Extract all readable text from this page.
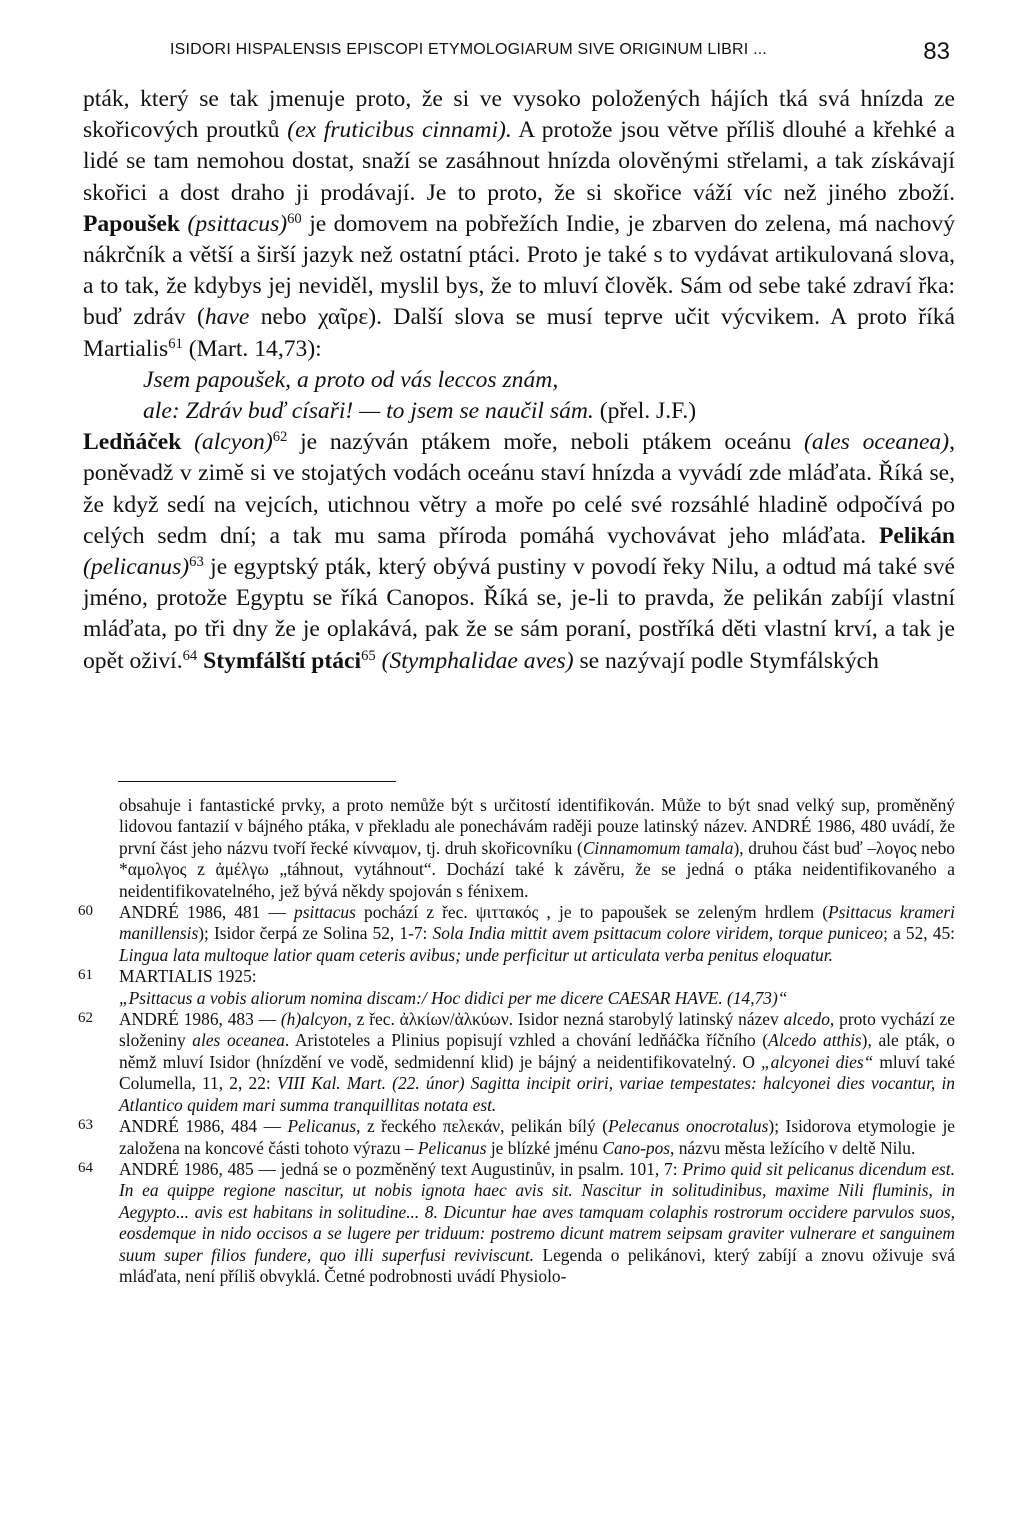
ISIDORI HISPALENSIS EPISCOPI ETYMOLOGIARUM SIVE ORIGINUM LIBRI ...	83

pták, který se tak jmenuje proto, že si ve vysoko položených hájích tká svá hnízda ze skořicových proutků (ex fruticibus cinnami). A protože jsou větve příliš dlouhé a křehké a lidé se tam nemohou dostat, snaží se zasáhnout hnízda olověnými střelami, a tak získávají skořici a dost draho ji prodávají. Je to proto, že si skořice váží víc než jiného zboží. Papoušek (psittacus)$^{60}$ je domovem na pobřežích Indie, je zbarven do zelena, má nachový nákrčník a větší a širší jazyk než ostatní ptáci. Proto je také s to vydávat artikulovaná slova, a to tak, že kdybys jej neviděl, myslil bys, že to mluví člověk. Sám od sebe také zdraví řka: buď zdráv (have nebo χαῖρε). Další slova se musí teprve učit výcvikem. A proto říká Martialis$^{61}$ (Mart. 14,73):

Jsem papoušek, a proto od vás leccos znám,

ale: Zdráv buď císaři! — to jsem se naučil sám. (přel. J.F.)

Ledňáček (alcyon)$^{62}$ je nazýván ptákem moře, neboli ptákem oceánu (ales oceanea), poněvadž v zimě si ve stojatých vodách oceánu staví hnízda a vyvádí zde mláďata. Říká se, že když sedí na vejcích, utichnou větry a moře po celé své rozsáhlé hladině odpočívá po celých sedm dní; a tak mu sama příroda pomáhá vychovávat jeho mláďata. Pelikán (pelicanus)$^{63}$ je egyptský pták, který obývá pustiny v povodí řeky Nilu, a odtud má také své jméno, protože Egyptu se říká Canopos. Říká se, je-li to pravda, že pelikán zabíjí vlastní mláďata, po tři dny že je oplakává, pak že se sám poraní, postříká děti vlastní krví, a tak je opět oživí.$^{64}$ Stymfálští ptáci$^{65}$ (Stymphalidae aves) se nazývají podle Stymfálských

obsahuje i fantastické prvky, a proto nemůže být s určitostí identifikován. Může to být snad velký sup, proměněný lidovou fantazií v bájného ptáka, v překladu ale ponechávám raději pouze latinský název. ANDRÉ 1986, 480 uvádí, že první část jeho názvu tvoří řecké κίνναμον, tj. druh skořicovníku (Cinnamomum tamala), druhou část buď –λογος nebo *αμολγος z ἀμέλγω „táhnout, vytáhnout“. Dochází také k závěru, že se jedná o ptáka neidentifikovaného a neidentifikovatelného, jež bývá někdy spojován s fénixem.

60 ANDRÉ 1986, 481 — psittacus pochází z řec. ψιττακός , je to papoušek se zeleným hrdlem (Psittacus krameri manillensis); Isidor čerpá ze Solina 52, 1-7: Sola India mittit avem psittacum colore viridem, torque puniceo; a 52, 45: Lingua lata multoque latior quam ceteris avibus; unde perficitur ut articulata verba penitus eloquatur.

61 MARTIALIS 1925:
„Psittacus a vobis aliorum nomina discam:/ Hoc didici per me dicere CAESAR HAVE. (14,73)“

62 ANDRÉ 1986, 483 — (h)alcyon, z řec. ἀλκίων/ἀλκύων. Isidor nezná starobylý latinský název alcedo, proto vychází ze složeniny ales oceanea. Aristoteles a Plinius popisují vzhled a chování ledňáčka říčního (Alcedo atthis), ale pták, o němž mluví Isidor (hnízdění ve vodě, sedmidenní klid) je bájný a neidentifikovatelný. O „alcyonei dies“ mluví také Columella, 11, 2, 22: VIII Kal. Mart. (22. únor) Sagitta incipit oriri, variae tempestates: halcyonei dies vocantur, in Atlantico quidem mari summa tranquillitas notata est.

63 ANDRÉ 1986, 484 — Pelicanus, z řeckého πελεκάν, pelikán bílý (Pelecanus onocrotalus); Isidorova etymologie je založena na koncové části tohoto výrazu – Pelicanus je blízké jménu Cano-pos, názvu města ležícího v deltě Nilu.

64 ANDRÉ 1986, 485 — jedná se o pozměněný text Augustinův, in psalm. 101, 7: Primo quid sit pelicanus dicendum est. In ea quippe regione nascitur, ut nobis ignota haec avis sit. Nascitur in solitudinibus, maxime Nili fluminis, in Aegypto... avis est habitans in solitudine... 8. Dicuntur hae aves tamquam colaphis rostrorum occidere parvulos suos, eosdemque in nido occisos a se lugere per triduum: postremo dicunt matrem seipsam graviter vulnerare et sanguinem suum super filios fundere, quo illi superfusi reviviscunt. Legenda o pelikánovi, který zabíjí a znovu oživuje svá mláďata, není příliš obvyklá. Četné podrobnosti uvádí Physiolo-
